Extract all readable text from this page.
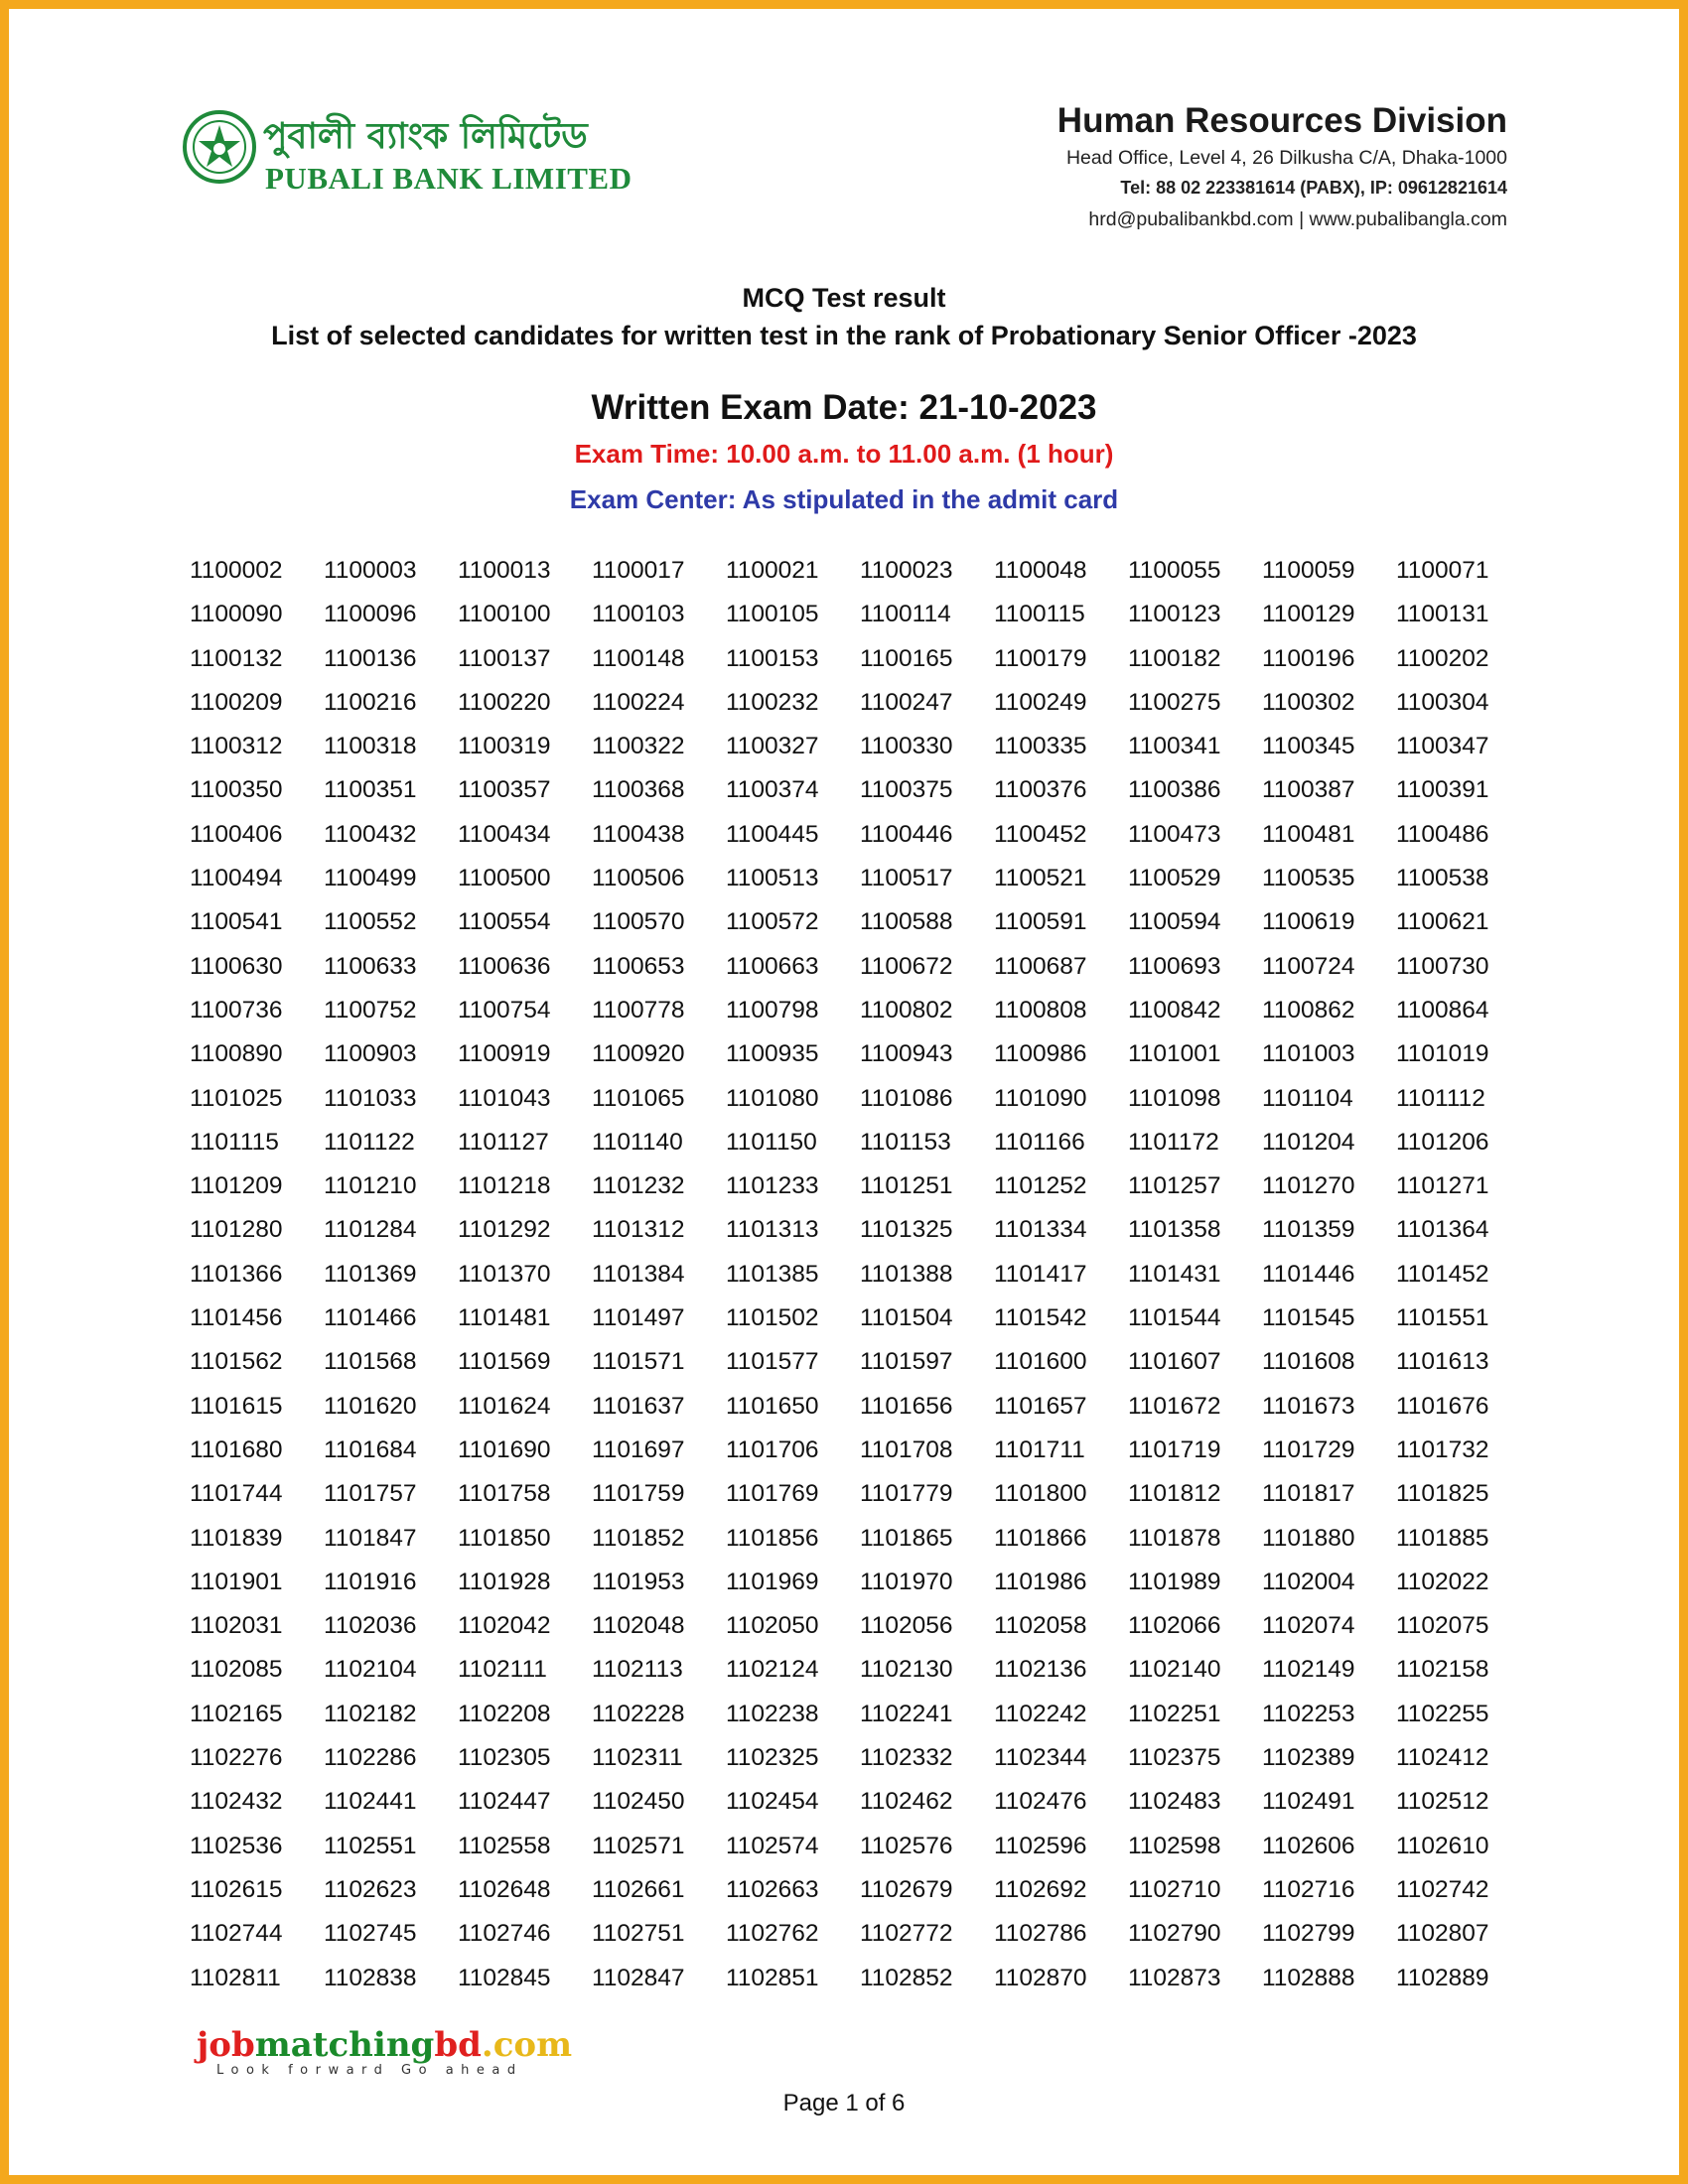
পুবালী ব্যাংক লিমিটেড
PUBALI BANK LIMITED
Human Resources Division
Head Office, Level 4, 26 Dilkusha C/A, Dhaka-1000
Tel: 88 02 223381614 (PABX), IP: 09612821614
hrd@pubalibankbd.com | www.pubalibangla.com
MCQ Test result
List of selected candidates for written test in the rank of Probationary Senior Officer -2023
Written Exam Date: 21-10-2023
Exam Time: 10.00 a.m. to 11.00 a.m. (1 hour)
Exam Center: As stipulated in the admit card
1100002	1100003	1100013	1100017	1100021	1100023	1100048	1100055	1100059	1100071
1100090	1100096	1100100	1100103	1100105	1100114	1100115	1100123	1100129	1100131
1100132	1100136	1100137	1100148	1100153	1100165	1100179	1100182	1100196	1100202
1100209	1100216	1100220	1100224	1100232	1100247	1100249	1100275	1100302	1100304
1100312	1100318	1100319	1100322	1100327	1100330	1100335	1100341	1100345	1100347
1100350	1100351	1100357	1100368	1100374	1100375	1100376	1100386	1100387	1100391
1100406	1100432	1100434	1100438	1100445	1100446	1100452	1100473	1100481	1100486
1100494	1100499	1100500	1100506	1100513	1100517	1100521	1100529	1100535	1100538
1100541	1100552	1100554	1100570	1100572	1100588	1100591	1100594	1100619	1100621
1100630	1100633	1100636	1100653	1100663	1100672	1100687	1100693	1100724	1100730
1100736	1100752	1100754	1100778	1100798	1100802	1100808	1100842	1100862	1100864
1100890	1100903	1100919	1100920	1100935	1100943	1100986	1101001	1101003	1101019
1101025	1101033	1101043	1101065	1101080	1101086	1101090	1101098	1101104	1101112
1101115	1101122	1101127	1101140	1101150	1101153	1101166	1101172	1101204	1101206
1101209	1101210	1101218	1101232	1101233	1101251	1101252	1101257	1101270	1101271
1101280	1101284	1101292	1101312	1101313	1101325	1101334	1101358	1101359	1101364
1101366	1101369	1101370	1101384	1101385	1101388	1101417	1101431	1101446	1101452
1101456	1101466	1101481	1101497	1101502	1101504	1101542	1101544	1101545	1101551
1101562	1101568	1101569	1101571	1101577	1101597	1101600	1101607	1101608	1101613
1101615	1101620	1101624	1101637	1101650	1101656	1101657	1101672	1101673	1101676
1101680	1101684	1101690	1101697	1101706	1101708	1101711	1101719	1101729	1101732
1101744	1101757	1101758	1101759	1101769	1101779	1101800	1101812	1101817	1101825
1101839	1101847	1101850	1101852	1101856	1101865	1101866	1101878	1101880	1101885
1101901	1101916	1101928	1101953	1101969	1101970	1101986	1101989	1102004	1102022
1102031	1102036	1102042	1102048	1102050	1102056	1102058	1102066	1102074	1102075
1102085	1102104	1102111	1102113	1102124	1102130	1102136	1102140	1102149	1102158
1102165	1102182	1102208	1102228	1102238	1102241	1102242	1102251	1102253	1102255
1102276	1102286	1102305	1102311	1102325	1102332	1102344	1102375	1102389	1102412
1102432	1102441	1102447	1102450	1102454	1102462	1102476	1102483	1102491	1102512
1102536	1102551	1102558	1102571	1102574	1102576	1102596	1102598	1102606	1102610
1102615	1102623	1102648	1102661	1102663	1102679	1102692	1102710	1102716	1102742
1102744	1102745	1102746	1102751	1102762	1102772	1102786	1102790	1102799	1102807
1102811	1102838	1102845	1102847	1102851	1102852	1102870	1102873	1102888	1102889
jobmatchingbd.com
Look forward Go ahead
Page 1 of 6
